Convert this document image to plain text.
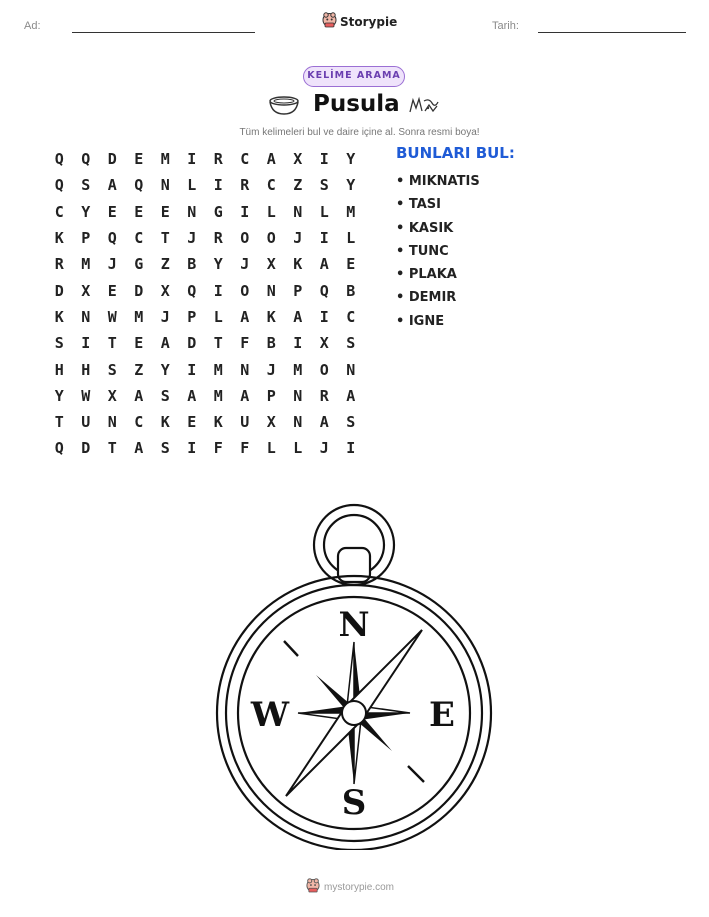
Ad:	Storypie	Tarih:
KELİME ARAMA
Pusula
Tüm kelimeleri bul ve daire içine al. Sonra resmi boya!
Q	Q	D	E	M	I	R	C	A	X	I	Y
Q	S	A	Q	N	L	I	R	C	Z	S	Y
C	Y	E	E	E	N	G	I	L	N	L	M
K	P	Q	C	T	J	R	O	O	J	I	L
R	M	J	G	Z	B	Y	J	X	K	A	E
D	X	E	D	X	Q	I	O	N	P	Q	B
K	N	W	M	J	P	L	A	K	A	I	C
S	I	T	E	A	D	T	F	B	I	X	S
H	H	S	Z	Y	I	M	N	J	M	O	N
Y	W	X	A	S	A	M	A	P	N	R	A
T	U	N	C	K	E	K	U	X	N	A	S
Q	D	T	A	S	I	F	F	L	L	J	I
BUNLARI BUL:
• MIKNATIS
• TASI
• KASIK
• TUNC
• PLAKA
• DEMIR
• IGNE
N
S
E
W
mystorypie.com
